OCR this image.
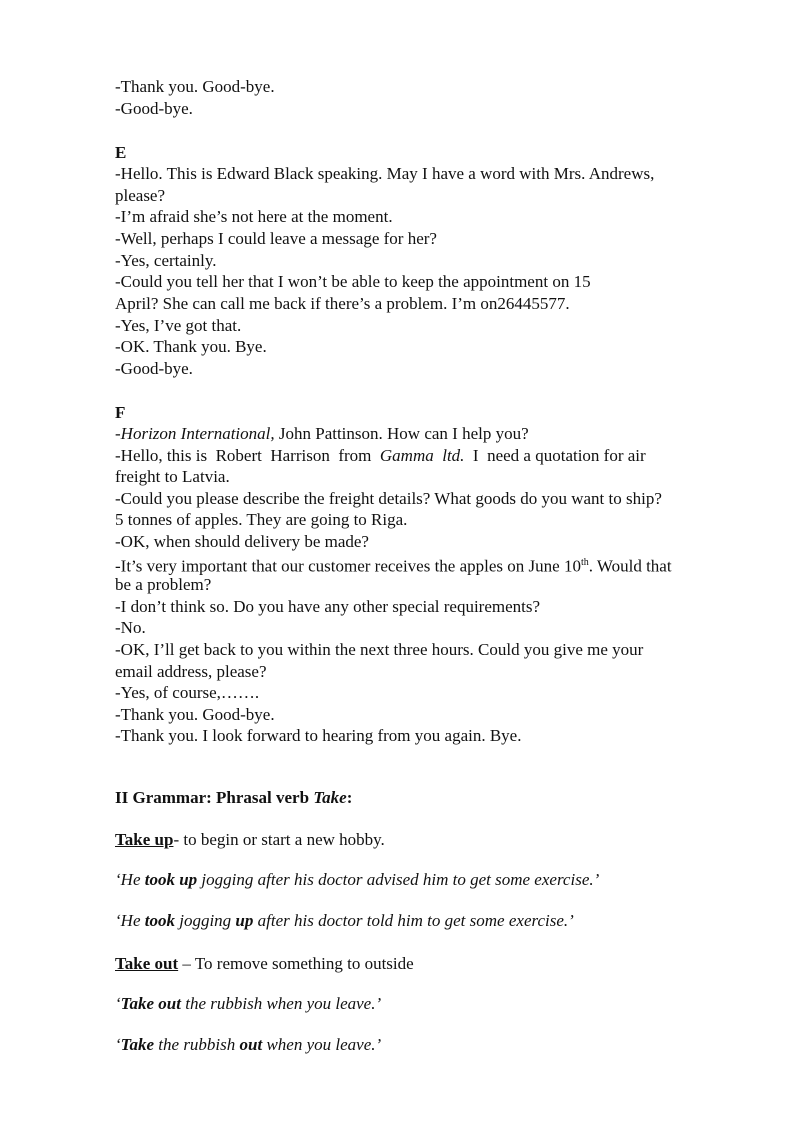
-Thank you. Good-bye.
-Good-bye.
E
-Hello. This is Edward Black speaking. May I have a word with Mrs. Andrews,
please?
-I’m afraid she’s not here at the moment.
-Well, perhaps I could leave a message for her?
-Yes, certainly.
-Could you tell her that I won’t be able to keep the appointment on 15
April? She can call me back if there’s a problem. I’m on26445577.
-Yes, I’ve got that.
-OK. Thank you. Bye.
-Good-bye.
F
-Horizon International, John Pattinson. How can I help you?
-Hello, this is  Robert  Harrison  from  Gamma  ltd.  I  need a quotation for air
freight to Latvia.
-Could you please describe the freight details? What goods do you want to ship?
5 tonnes of apples. They are going to Riga.
-OK, when should delivery be made?
-It’s very important that our customer receives the apples on June 10th. Would that
be a problem?
-I don’t think so. Do you have any other special requirements?
-No.
-OK, I’ll get back to you within the next three hours. Could you give me your
email address, please?
-Yes, of course,…….
-Thank you. Good-bye.
-Thank you. I look forward to hearing from you again. Bye.
II Grammar: Phrasal verb Take:
Take up- to begin or start a new hobby.
‘He took up jogging after his doctor advised him to get some exercise.’
‘He took jogging up after his doctor told him to get some exercise.’
Take out – To remove something to outside
‘Take out the rubbish when you leave.’
‘Take the rubbish out when you leave.’
